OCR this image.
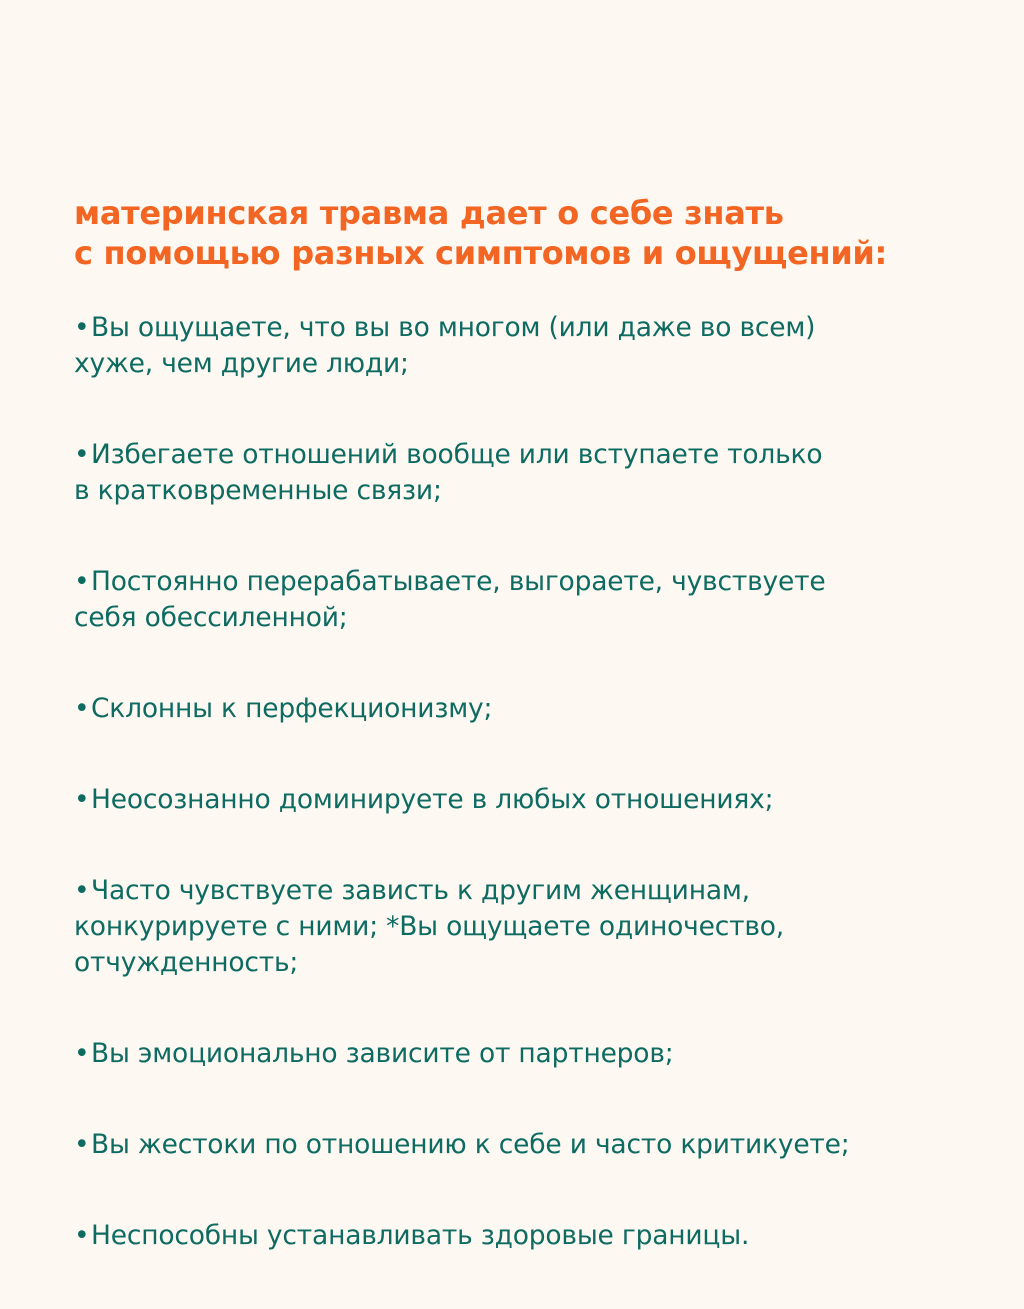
материнская травма дает о себе знать
с помощью разных симптомов и ощущений:
•Вы ощущаете, что вы во многом (или даже во всем)
хуже, чем другие люди;
•Избегаете отношений вообще или вступаете только
в кратковременные связи;
•Постоянно перерабатываете, выгораете, чувствуете
себя обессиленной;
•Склонны к перфекционизму;
•Неосознанно доминируете в любых отношениях;
•Часто чувствуете зависть к другим женщинам,
конкурируете с ними; *Вы ощущаете одиночество,
отчужденность;
•Вы эмоционально зависите от партнеров;
•Вы жестоки по отношению к себе и часто критикуете;
•Неспособны устанавливать здоровые границы.
